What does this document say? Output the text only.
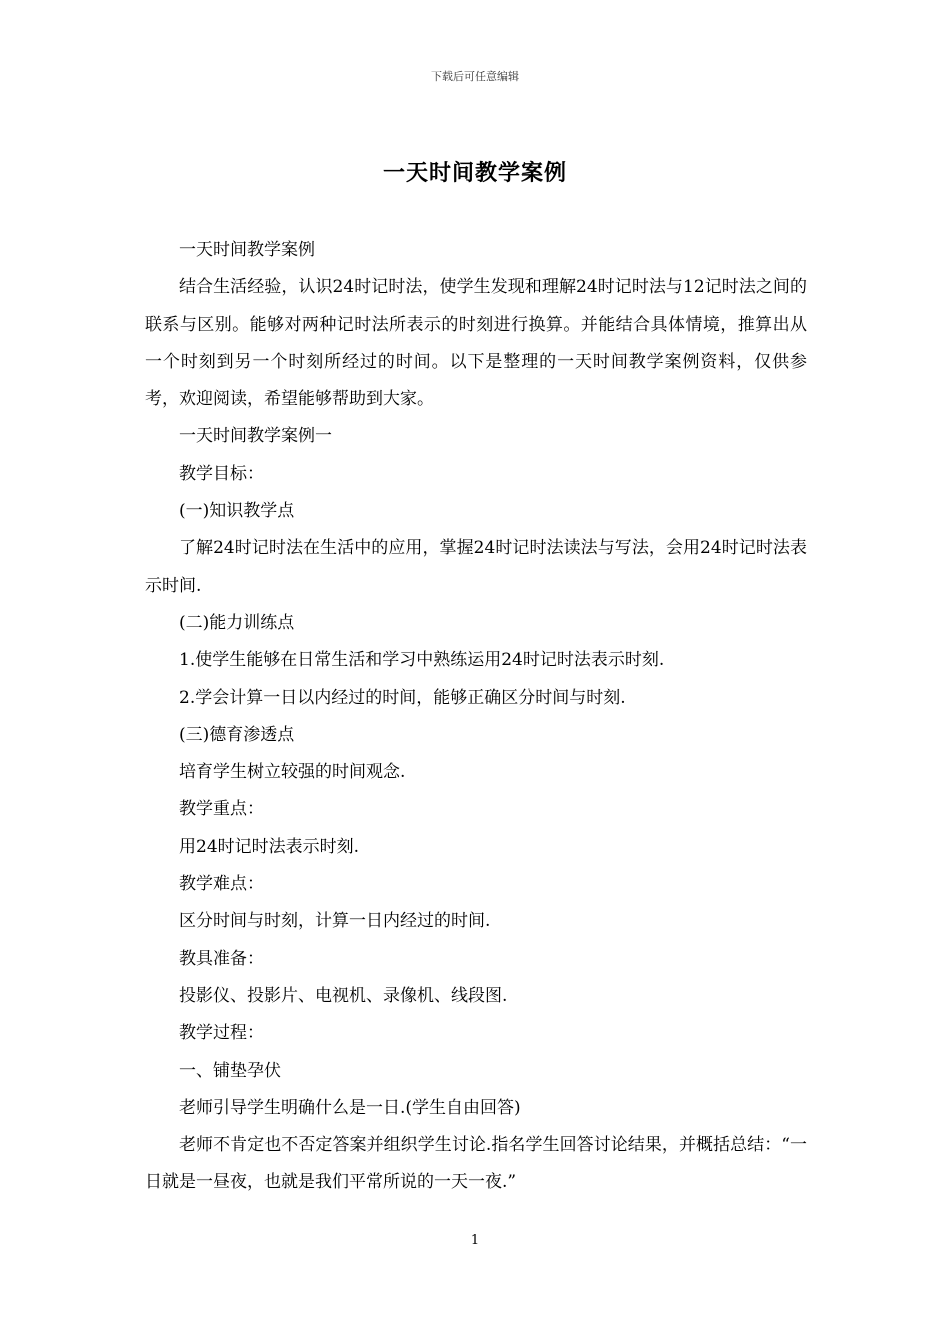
下载后可任意编辑
一天时间教学案例

一天时间教学案例

结合生活经验，认识24时记时法，使学生发现和理解24时记时法与12记时法之间的联系与区别。能够对两种记时法所表示的时刻进行换算。并能结合具体情境，推算出从一个时刻到另一个时刻所经过的时间。以下是整理的一天时间教学案例资料，仅供参考，欢迎阅读，希望能够帮助到大家。

一天时间教学案例一

教学目标：

(一)知识教学点

了解24时记时法在生活中的应用，掌握24时记时法读法与写法，会用24时记时法表示时间.

(二)能力训练点

1.使学生能够在日常生活和学习中熟练运用24时记时法表示时刻.

2.学会计算一日以内经过的时间，能够正确区分时间与时刻.

(三)德育渗透点

培育学生树立较强的时间观念.

教学重点：

用24时记时法表示时刻.

教学难点：

区分时间与时刻，计算一日内经过的时间.

教具准备：

投影仪、投影片、电视机、录像机、线段图.

教学过程：

一、铺垫孕伏

老师引导学生明确什么是一日.(学生自由回答)

老师不肯定也不否定答案并组织学生讨论.指名学生回答讨论结果，并概括总结：“一日就是一昼夜，也就是我们平常所说的一天一夜.”

1
